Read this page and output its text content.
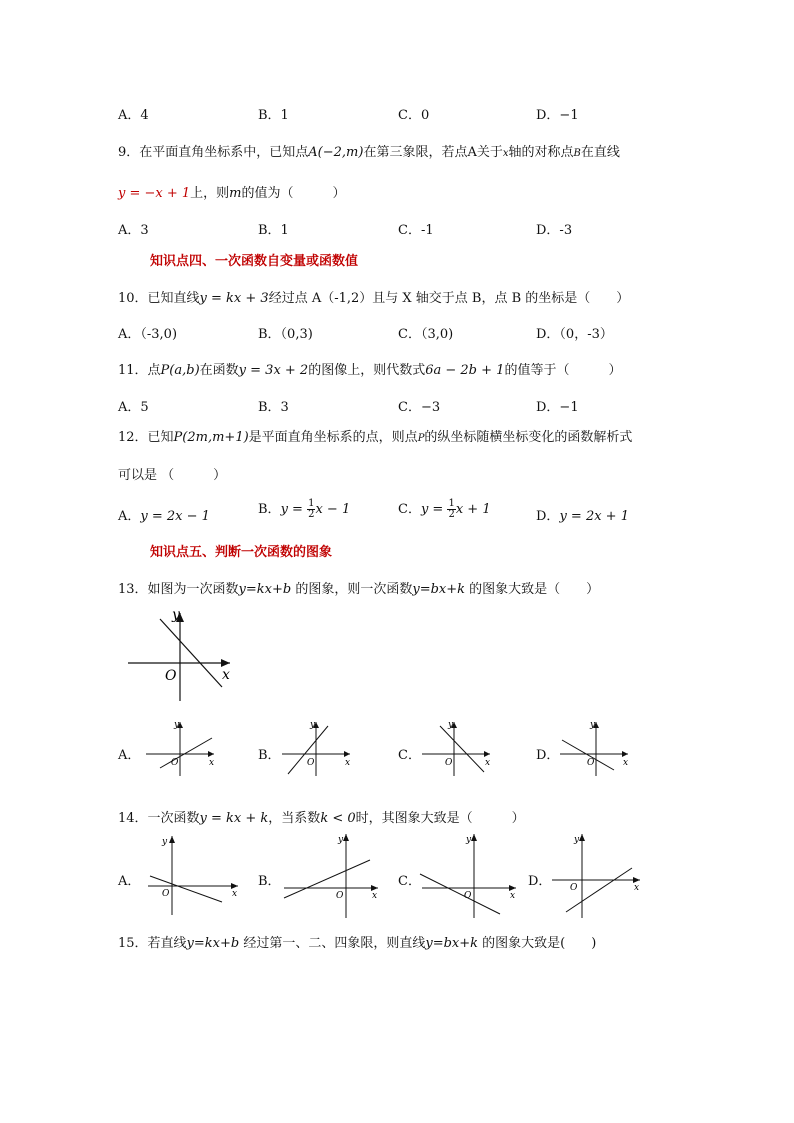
A．4	B．1	C．0	D．−1
9．在平面直角坐标系中，已知点A(−2,m)在第三象限，若点A关于x轴的对称点B在直线
y = −x + 1上，则m的值为（　　　）
A．3	B．1	C．-1	D．-3
知识点四、一次函数自变量或函数值
10．已知直线y = kx + 3经过点 A（-1,2）且与 X 轴交于点 B，点 B 的坐标是（　　）
A．（-3,0)	B．（0,3)	C．（3,0)	D．（0，-3）
11．点P(a,b)在函数y = 3x + 2的图像上，则代数式6a − 2b + 1的值等于（　　　）
A．5	B．3	C．−3	D．−1
12．已知P(2m,m+1)是平面直角坐标系的点，则点P的纵坐标随横坐标变化的函数解析式
可以是 （　　　）
A．y = 2x − 1	B．$y = \frac{1}{2}$ x − 1	C．$y = \frac{1}{2}$ x + 1	D．y = 2x + 1
知识点五、判断一次函数的图象
13．如图为一次函数y=kx+b 的图象，则一次函数y=bx+k 的图象大致是（　　）
y
O	x
A．
y
O	x	B．
y
O	x	C．
y
O	x	D．
y
O	x
14．一次函数y = kx + k，当系数k < 0时，其图象大致是（　　　）
A．
y
O	x
B．
y
O	x
C．
y
O	x
D．
y
O	x
15．若直线y=kx+b 经过第一、二、四象限，则直线y=bx+k 的图象大致是(　　)
